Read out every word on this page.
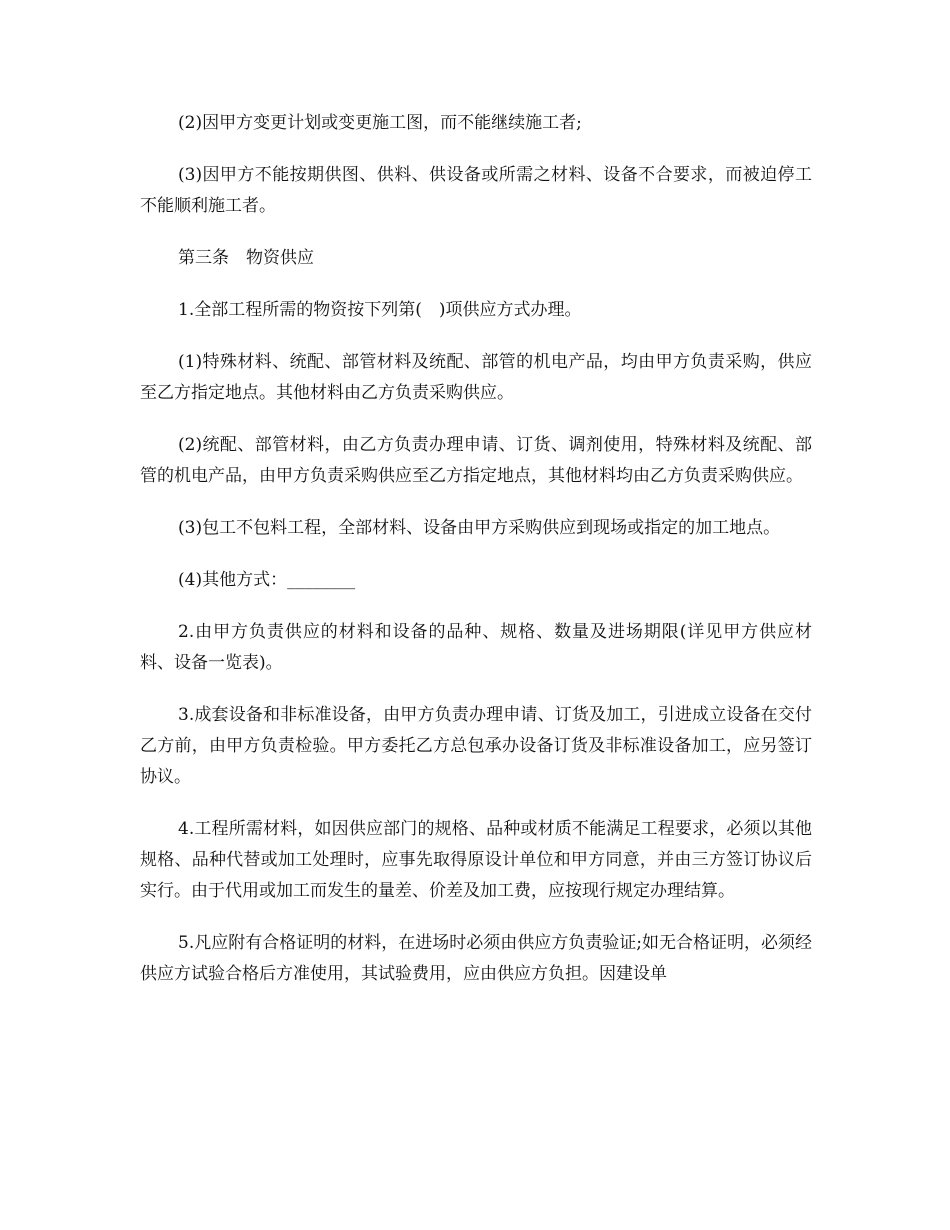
(2)因甲方变更计划或变更施工图，而不能继续施工者;

(3)因甲方不能按期供图、供料、供设备或所需之材料、设备不合要求，而被迫停工不能顺利施工者。

第三条　物资供应

1.全部工程所需的物资按下列第(　)项供应方式办理。

(1)特殊材料、统配、部管材料及统配、部管的机电产品，均由甲方负责采购，供应至乙方指定地点。其他材料由乙方负责采购供应。

(2)统配、部管材料，由乙方负责办理申请、订货、调剂使用，特殊材料及统配、部管的机电产品，由甲方负责采购供应至乙方指定地点，其他材料均由乙方负责采购供应。

(3)包工不包料工程，全部材料、设备由甲方采购供应到现场或指定的加工地点。

(4)其他方式：________

2.由甲方负责供应的材料和设备的品种、规格、数量及进场期限(详见甲方供应材料、设备一览表)。

3.成套设备和非标准设备，由甲方负责办理申请、订货及加工，引进成立设备在交付乙方前，由甲方负责检验。甲方委托乙方总包承办设备订货及非标准设备加工，应另签订协议。

4.工程所需材料，如因供应部门的规格、品种或材质不能满足工程要求，必须以其他规格、品种代替或加工处理时，应事先取得原设计单位和甲方同意，并由三方签订协议后实行。由于代用或加工而发生的量差、价差及加工费，应按现行规定办理结算。

5.凡应附有合格证明的材料，在进场时必须由供应方负责验证;如无合格证明，必须经供应方试验合格后方准使用，其试验费用，应由供应方负担。因建设单
